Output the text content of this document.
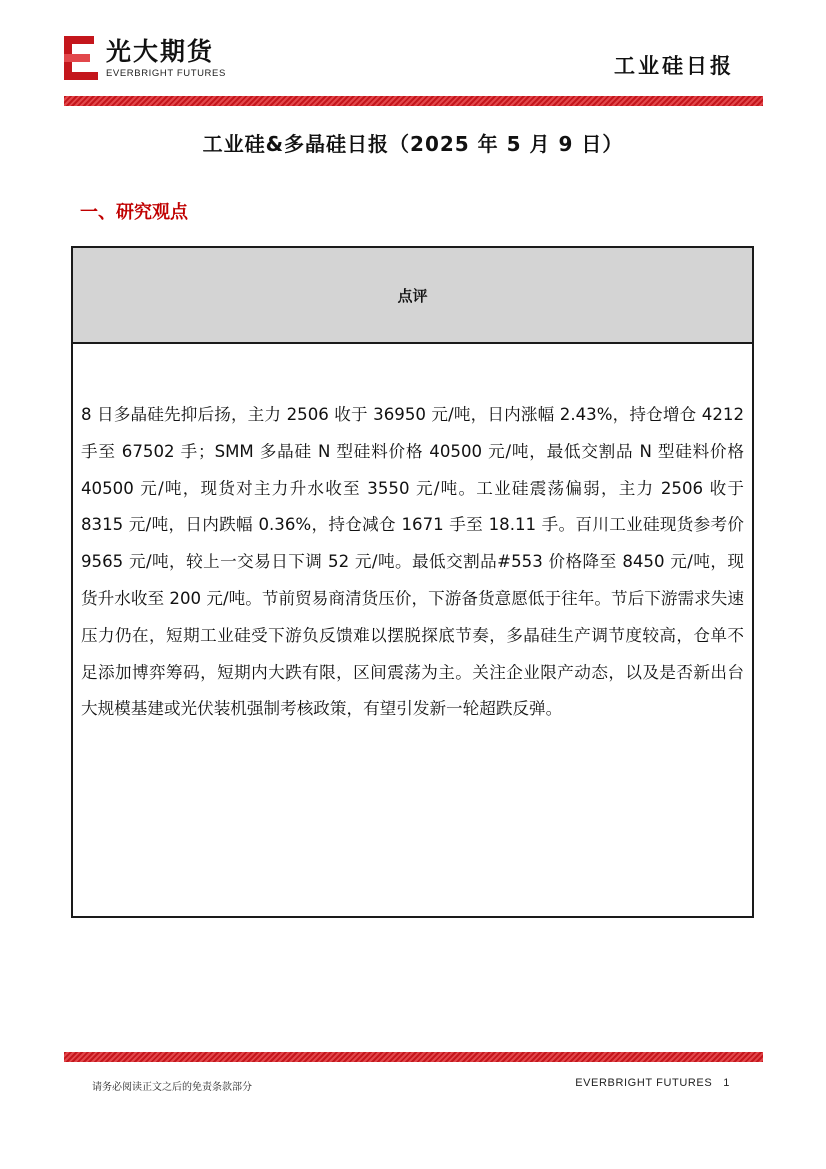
光大期货
EVERBRIGHT FUTURES	工业硅日报
工业硅&多晶硅日报（2025 年 5 月 9 日）
一、研究观点
点评
8 日多晶硅先抑后扬，主力 2506 收于 36950 元/吨，日内涨幅 2.43%，持仓增仓 4212 手至 67502 手；SMM 多晶硅 N 型硅料价格 40500 元/吨，最低交割品 N 型硅料价格 40500 元/吨，现货对主力升水收至 3550 元/吨。工业硅震荡偏弱，主力 2506 收于 8315 元/吨，日内跌幅 0.36%，持仓减仓 1671 手至 18.11 手。百川工业硅现货参考价 9565 元/吨，较上一交易日下调 52 元/吨。最低交割品#553 价格降至 8450 元/吨，现货升水收至 200 元/吨。节前贸易商清货压价，下游备货意愿低于往年。节后下游需求失速压力仍在，短期工业硅受下游负反馈难以摆脱探底节奏，多晶硅生产调节度较高，仓单不足添加博弈筹码，短期内大跌有限，区间震荡为主。关注企业限产动态，以及是否新出台大规模基建或光伏装机强制考核政策，有望引发新一轮超跌反弹。
请务必阅读正文之后的免责条款部分	EVERBRIGHT FUTURES 1
